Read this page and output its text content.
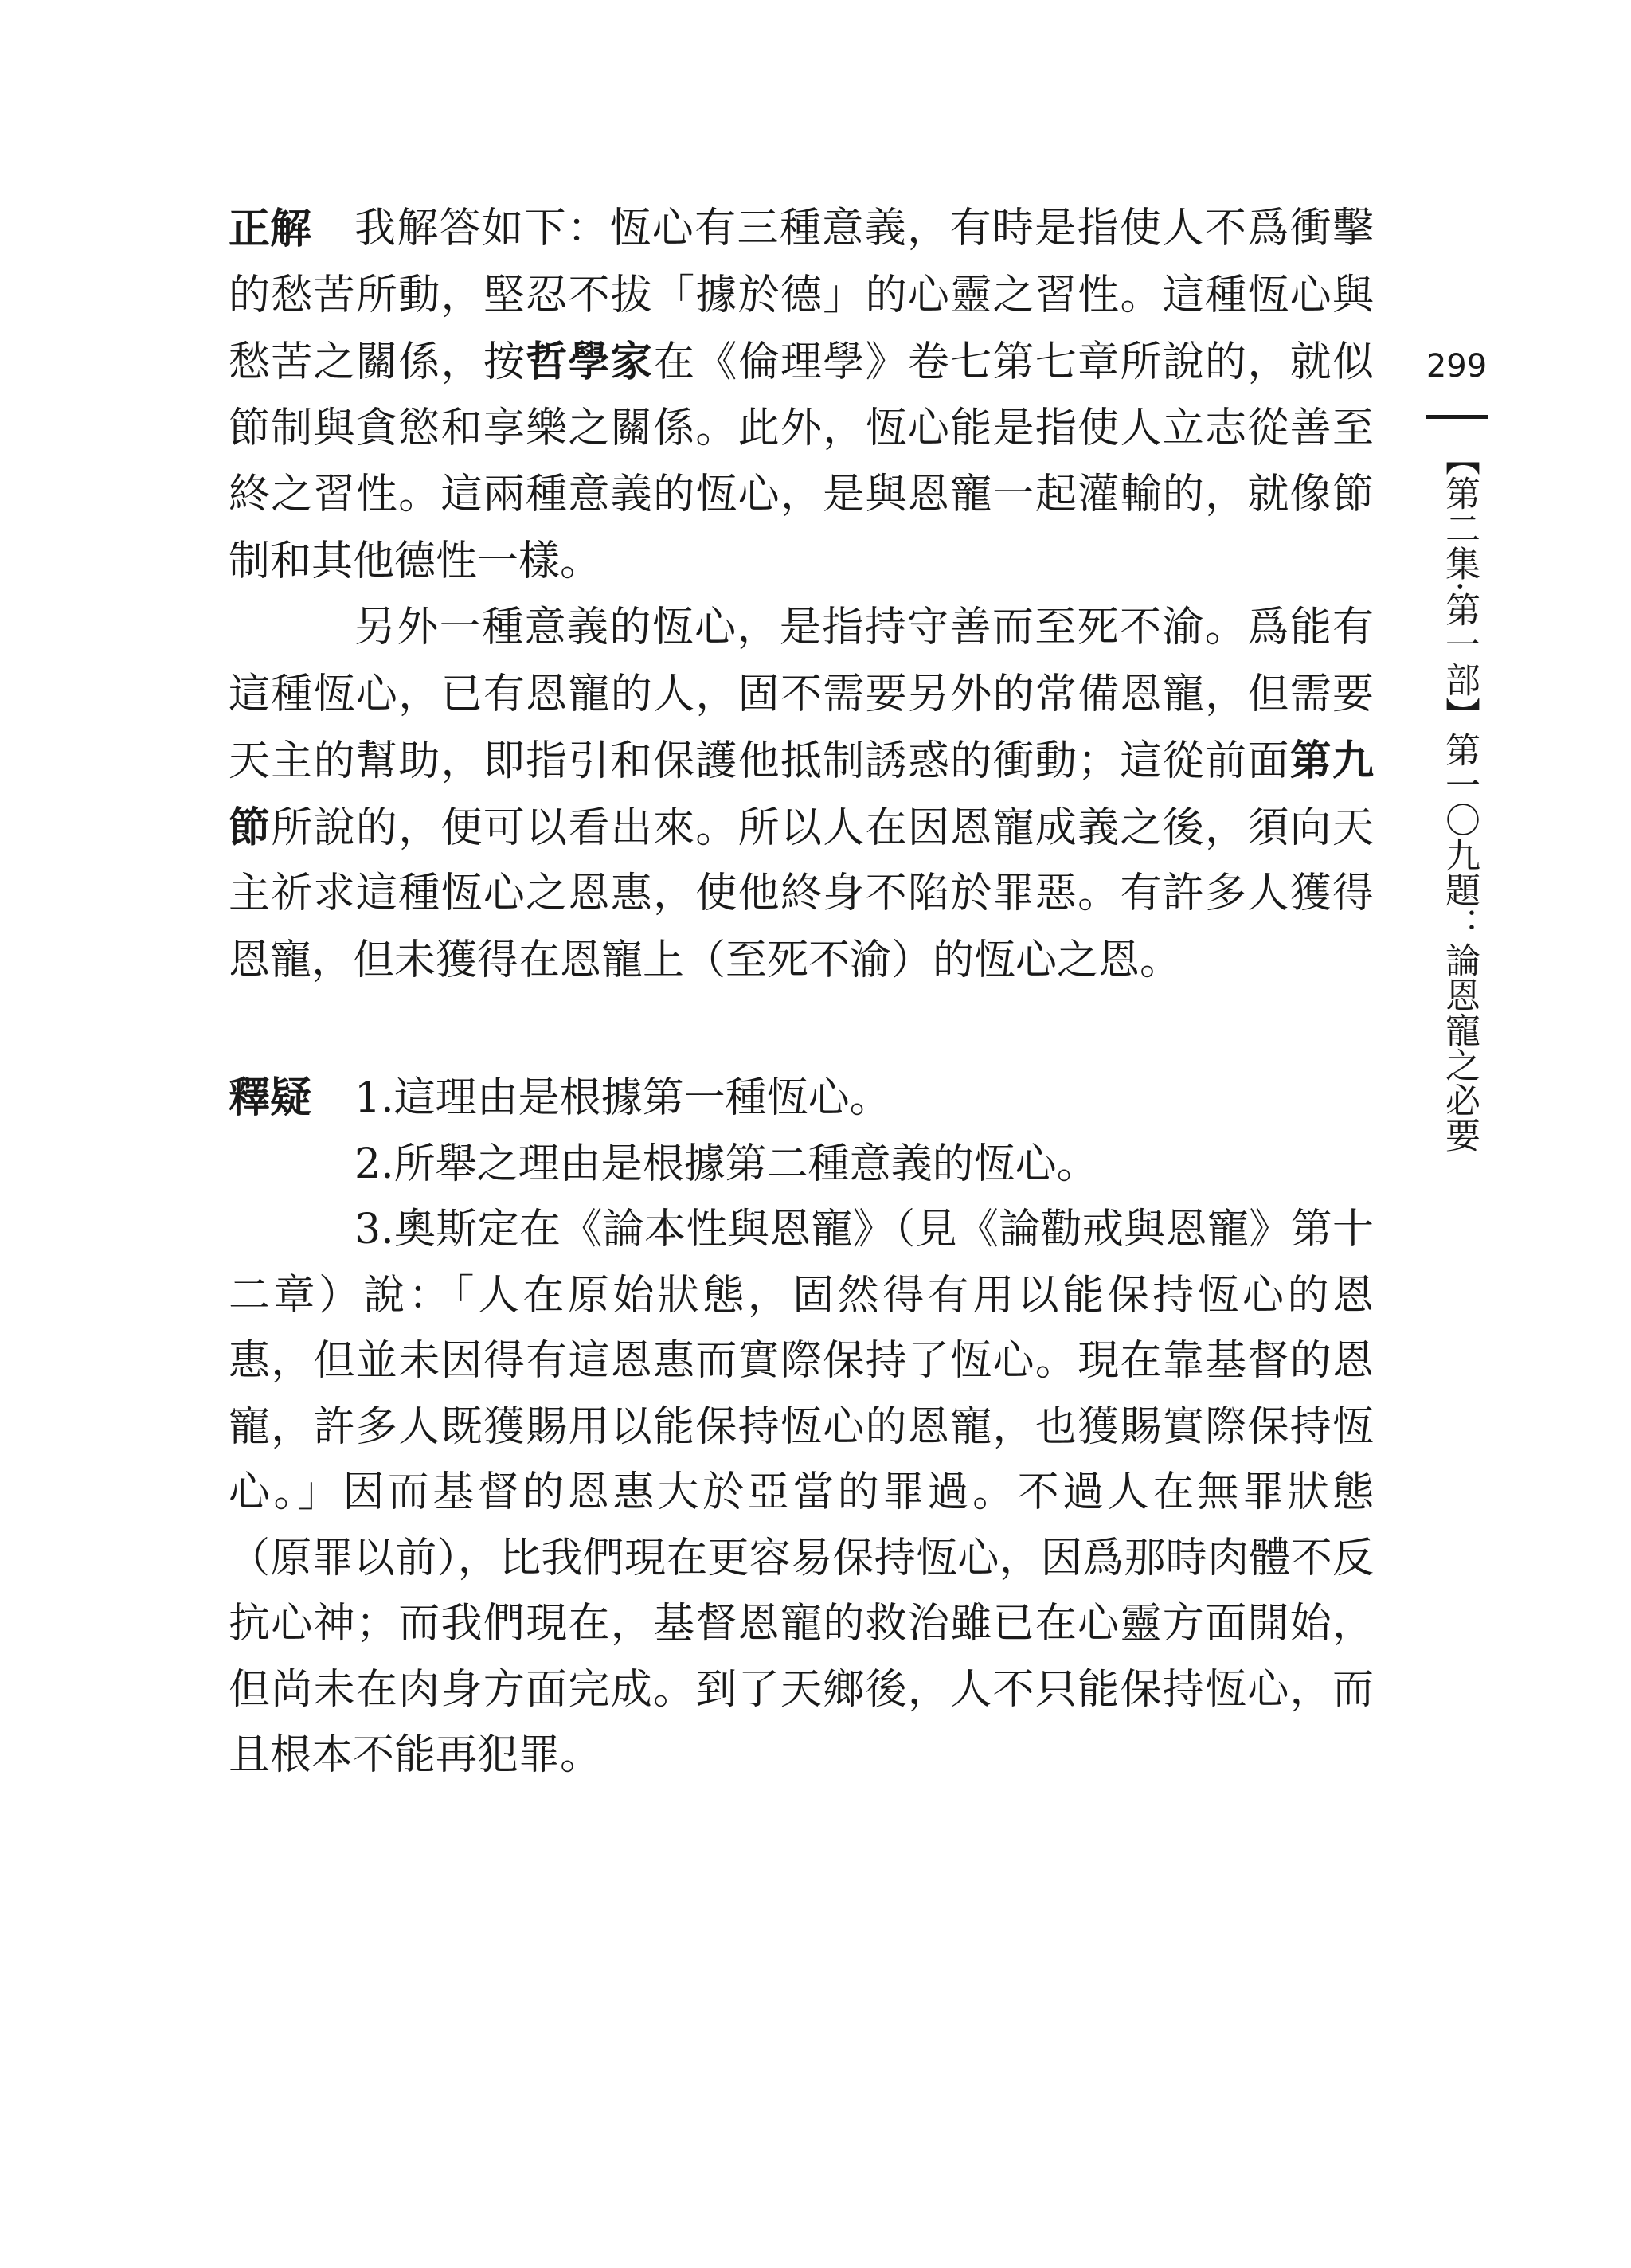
正解	我解答如下：恆心有三種意義，有時是指使人不爲衝擊
的愁苦所動，堅忍不拔「據於德」的心靈之習性。這種恆心與
愁苦之關係，按哲學家在《倫理學》卷七第七章所說的，就似
節制與貪慾和享樂之關係。此外，恆心能是指使人立志從善至
終之習性。這兩種意義的恆心，是與恩寵一起灌輸的，就像節
制和其他德性一樣。
另外一種意義的恆心，是指持守善而至死不渝。爲能有
這種恆心，已有恩寵的人，固不需要另外的常備恩寵，但需要
天主的幫助，即指引和保護他抵制誘惑的衝動；這從前面第九
節所說的，便可以看出來。所以人在因恩寵成義之後，須向天
主祈求這種恆心之恩惠，使他終身不陷於罪惡。有許多人獲得
恩寵，但未獲得在恩寵上（至死不渝）的恆心之恩。
釋疑	1.這理由是根據第一種恆心。
2.所舉之理由是根據第二種意義的恆心。
3.奧斯定在《論本性與恩寵》（見《論勸戒與恩寵》第十
二章）說：「人在原始狀態，固然得有用以能保持恆心的恩
惠，但並未因得有這恩惠而實際保持了恆心。現在靠基督的恩
寵，許多人既獲賜用以能保持恆心的恩寵，也獲賜實際保持恆
心。」因而基督的恩惠大於亞當的罪過。不過人在無罪狀態
（原罪以前），比我們現在更容易保持恆心，因爲那時肉體不反
抗心神；而我們現在，基督恩寵的救治雖已在心靈方面開始，
但尚未在肉身方面完成。到了天鄉後，人不只能保持恆心，而
且根本不能再犯罪。
299
【第二集·第一部】第一〇九題：論恩寵之必要
